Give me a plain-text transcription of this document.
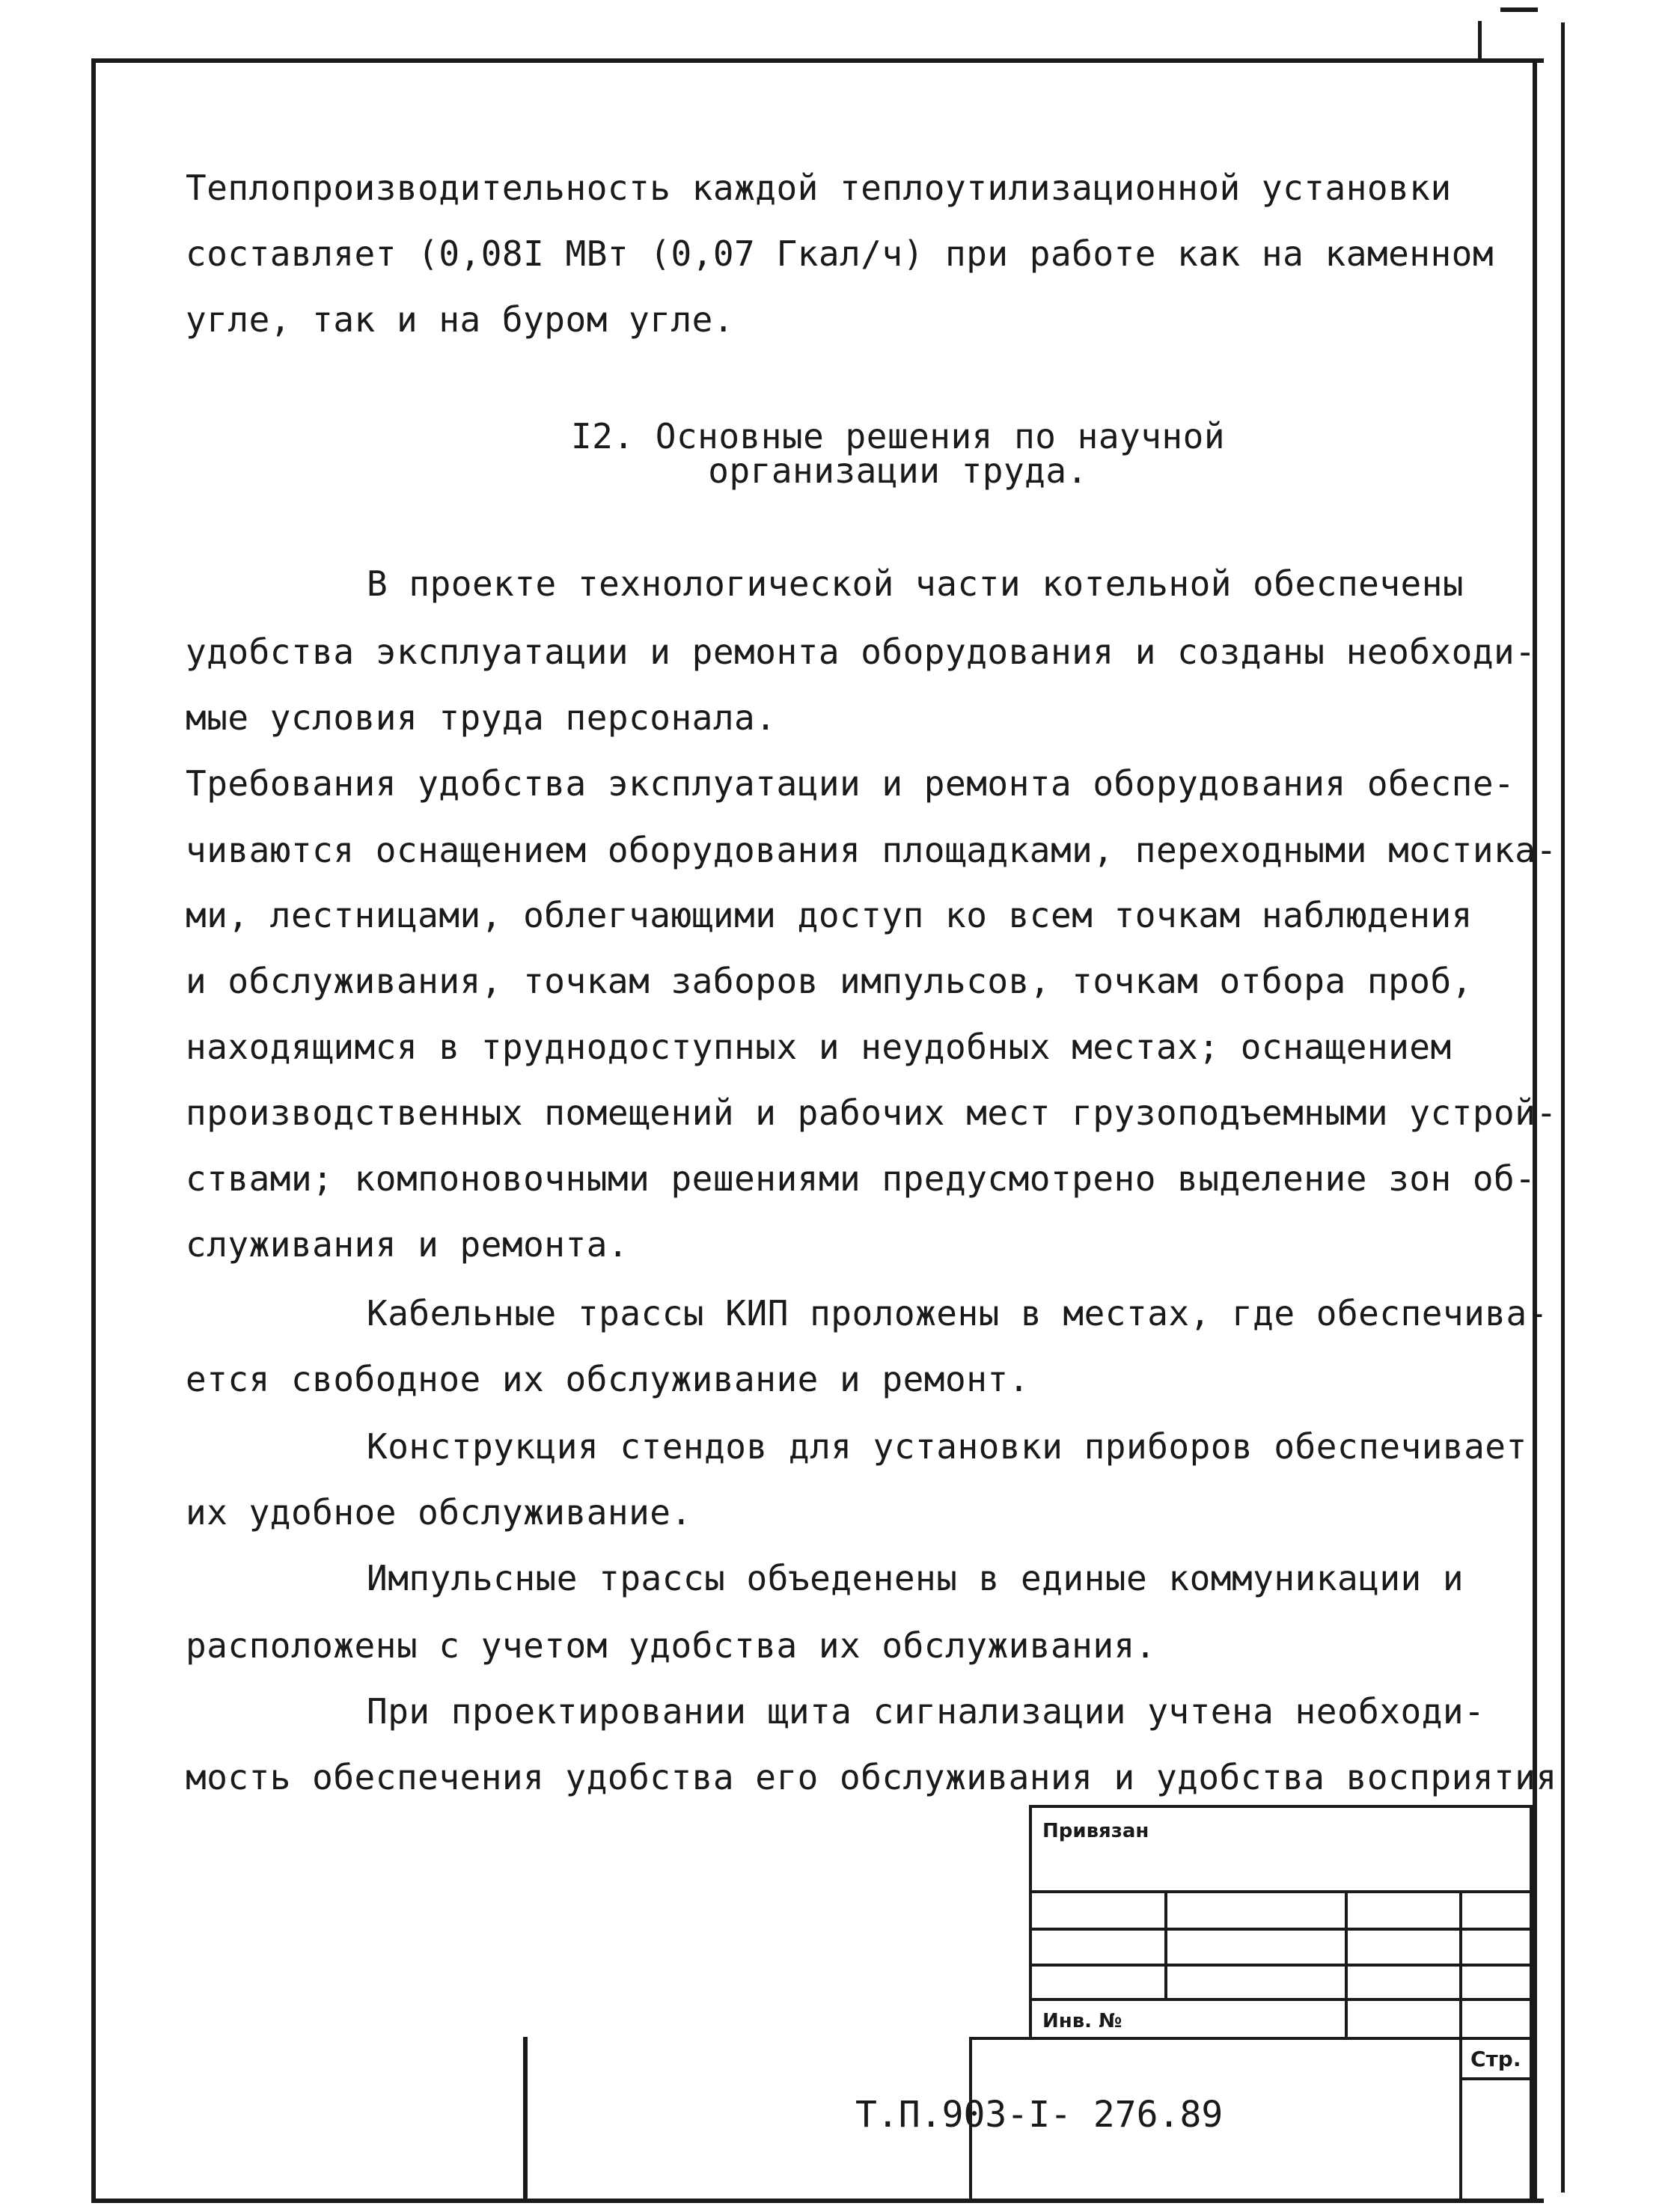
Теплопроизводительность каждой теплоутилизационной установки
составляет (0,08I МВт (0,07 Гкал/ч) при работе как на каменном
угле, так и на буром угле.
I2. Основные решения по научной
организации труда.
В проекте технологической части котельной обеспечены
удобства эксплуатации и ремонта оборудования и созданы необходи-
мые условия труда персонала.
Требования удобства эксплуатации и ремонта оборудования обеспе-
чиваются оснащением оборудования площадками, переходными мостика-
ми, лестницами, облегчающими доступ ко всем точкам наблюдения
и обслуживания, точкам заборов импульсов, точкам отбора проб,
находящимся в труднодоступных и неудобных местах; оснащением
производственных помещений и рабочих мест грузоподъемными устрой-
ствами; компоновочными решениями предусмотрено выделение зон об-
служивания и ремонта.
Кабельные трассы КИП проложены в местах, где обеспечива-
ется свободное их обслуживание и ремонт.
Конструкция стендов для установки приборов обеспечивает
их удобное обслуживание.
Импульсные трассы объеденены в единые коммуникации и
расположены с учетом удобства их обслуживания.
При проектировании щита сигнализации учтена необходи-
мость обеспечения удобства его обслуживания и удобства восприятия
Привязан
Инв. №
Т.П.903-I- 276.89
Стр.
